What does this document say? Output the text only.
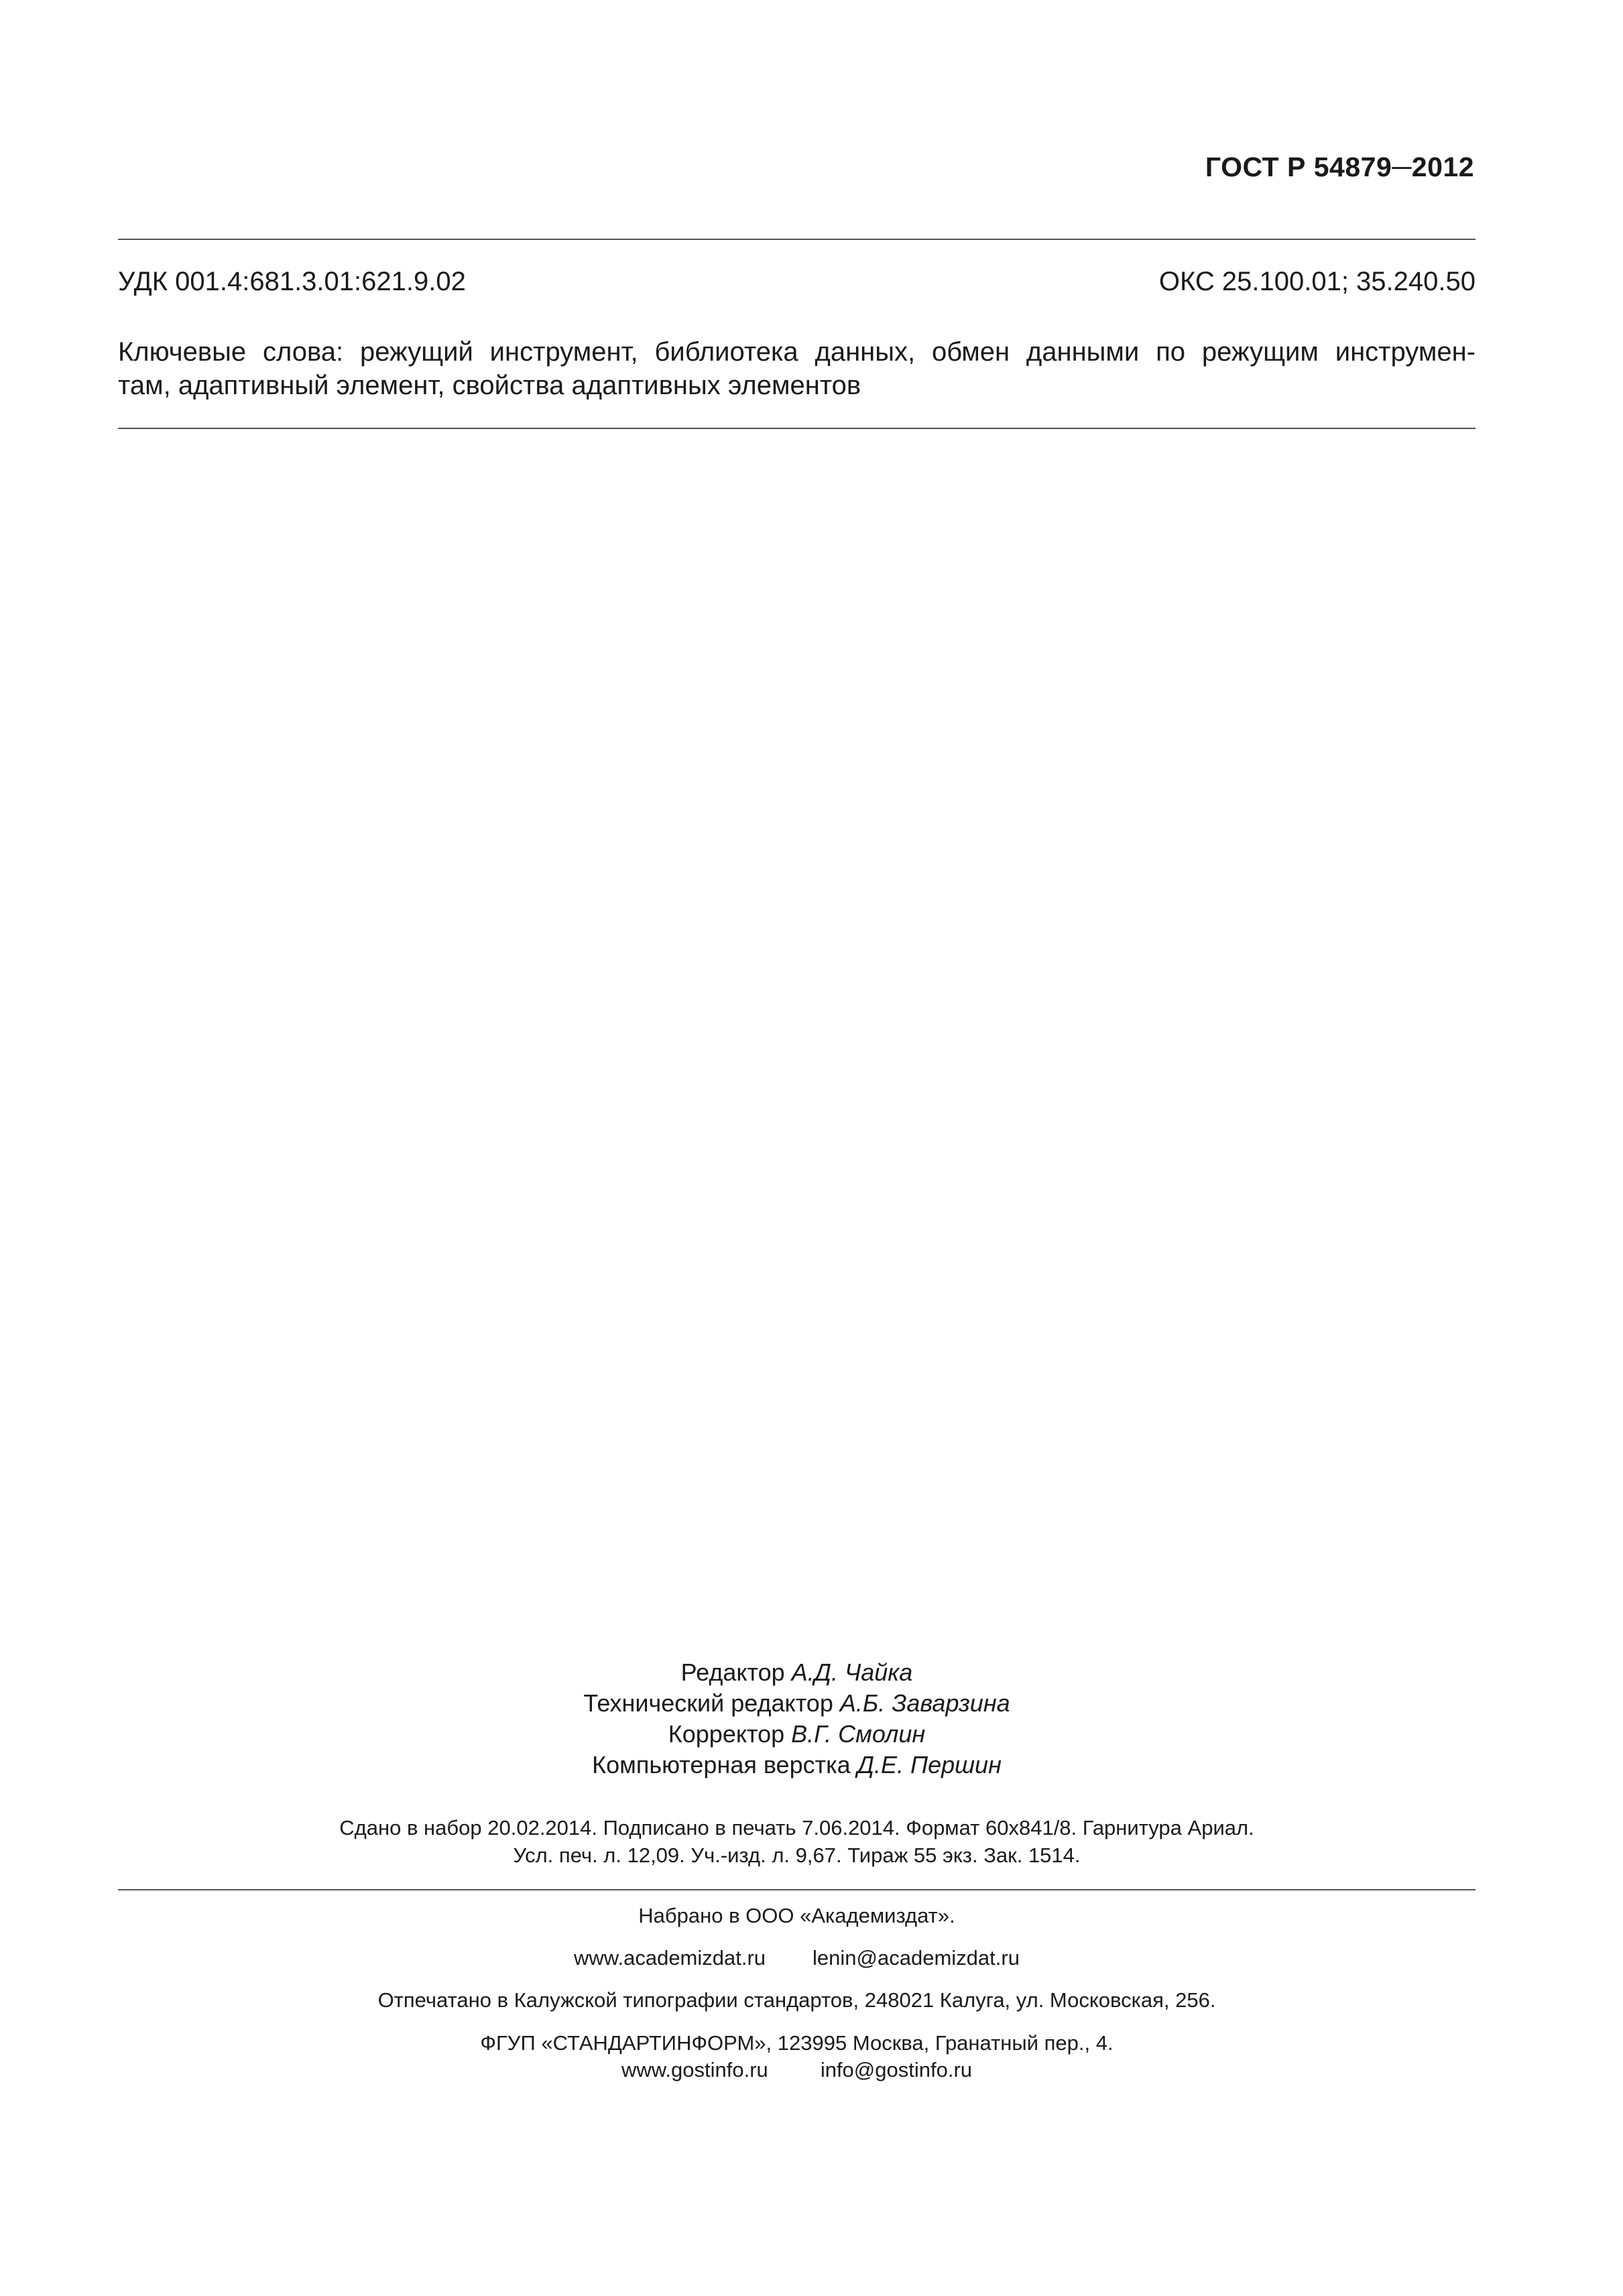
ГОСТ Р 54879─2012
УДК 001.4:681.3.01:621.9.02	ОКС 25.100.01; 35.240.50
Ключевые слова: режущий инструмент, библиотека данных, обмен данными по режущим инструмен-
там, адаптивный элемент, свойства адаптивных элементов
Редактор А.Д. Чайка
Технический редактор А.Б. Заварзина
Корректор В.Г. Смолин
Компьютерная верстка Д.Е. Першин
Сдано в набор 20.02.2014. Подписано в печать 7.06.2014. Формат 60х841/8. Гарнитура Ариал.
Усл. печ. л. 12,09. Уч.-изд. л. 9,67. Тираж 55 экз. Зак. 1514.
Набрано в ООО «Академиздат».
www.academizdat.ru lenin@academizdat.ru
Отпечатано в Калужской типографии стандартов, 248021 Калуга, ул. Московская, 256.
ФГУП «СТАНДАРТИНФОРМ», 123995 Москва, Гранатный пер., 4.
www.gostinfo.ru	info@gostinfo.ru
